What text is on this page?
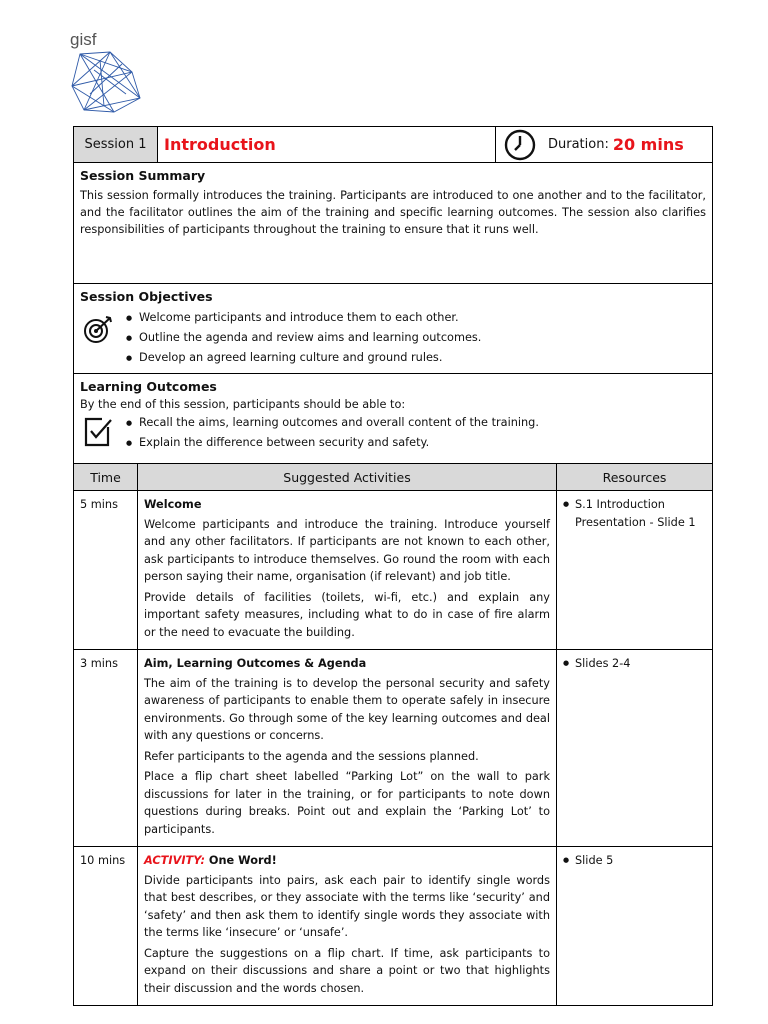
gisf
Session 1	Introduction	Duration: 20 mins
Session Summary
This session formally introduces the training. Participants are introduced to one another and to the facilitator, and the facilitator outlines the aim of the training and specific learning outcomes. The session also clarifies responsibilities of participants throughout the training to ensure that it runs well.
Session Objectives
● Welcome participants and introduce them to each other.
● Outline the agenda and review aims and learning outcomes.
● Develop an agreed learning culture and ground rules.
Learning Outcomes
By the end of this session, participants should be able to:
● Recall the aims, learning outcomes and overall content of the training.
● Explain the difference between security and safety.
Time	Suggested Activities	Resources
5 mins	Welcome
Welcome participants and introduce the training. Introduce yourself and any other facilitators. If participants are not known to each other, ask participants to introduce themselves. Go round the room with each person saying their name, organisation (if relevant) and job title.
Provide details of facilities (toilets, wi-fi, etc.) and explain any important safety measures, including what to do in case of fire alarm or the need to evacuate the building.	● S.1 Introduction Presentation - Slide 1

3 mins	Aim, Learning Outcomes & Agenda
The aim of the training is to develop the personal security and safety awareness of participants to enable them to operate safely in insecure environments. Go through some of the key learning outcomes and deal with any questions or concerns.
Refer participants to the agenda and the sessions planned.
Place a flip chart sheet labelled “Parking Lot” on the wall to park discussions for later in the training, or for participants to note down questions during breaks. Point out and explain the ‘Parking Lot’ to participants.	● Slides 2-4

10 mins	ACTIVITY: One Word!
Divide participants into pairs, ask each pair to identify single words that best describes, or they associate with the terms like ‘security’ and ‘safety’ and then ask them to identify single words they associate with the terms like ‘insecure’ or ‘unsafe’.
Capture the suggestions on a flip chart. If time, ask participants to expand on their discussions and share a point or two that highlights their discussion and the words chosen.	● Slide 5
